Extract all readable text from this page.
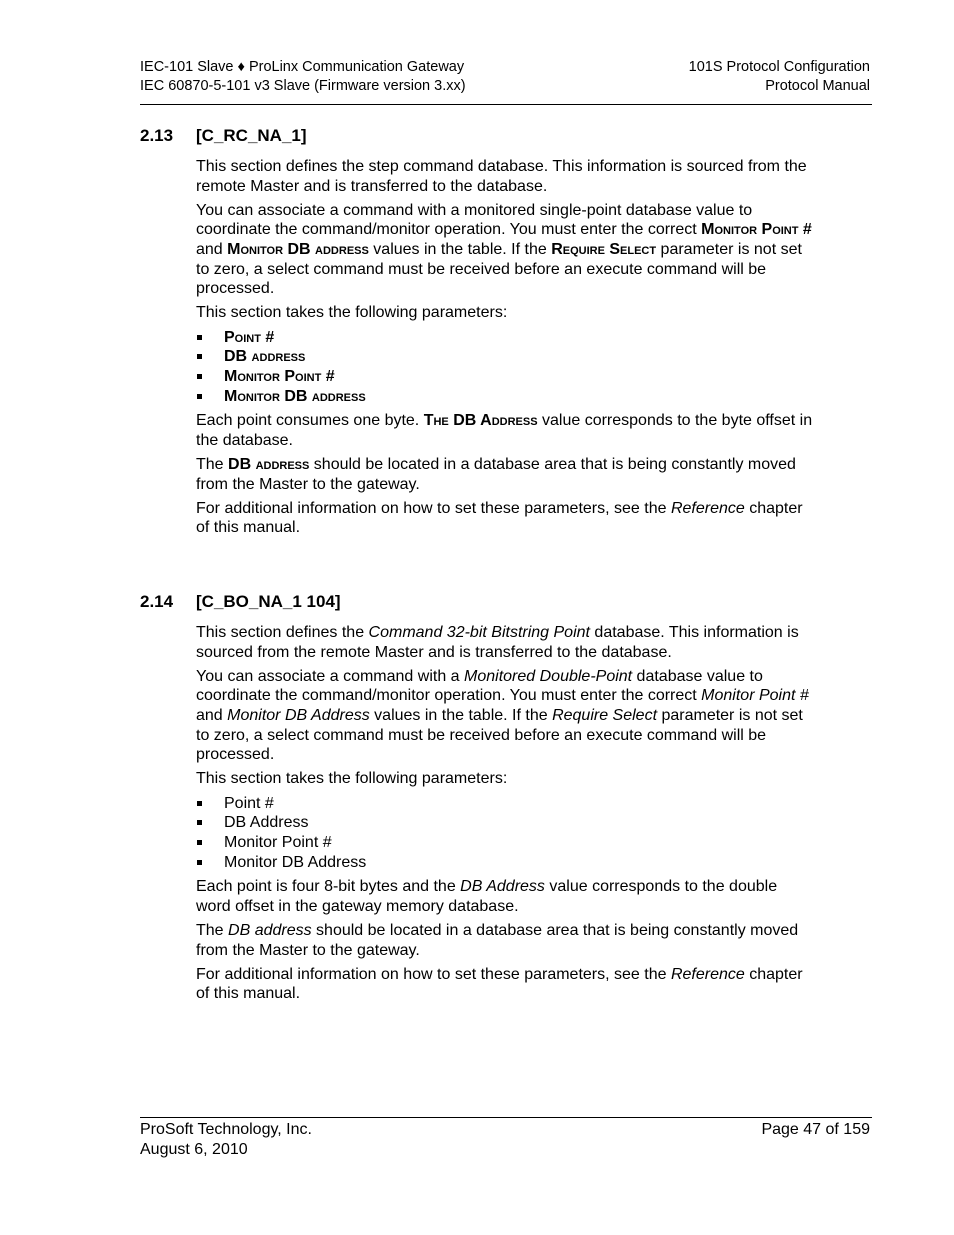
IEC-101 Slave ♦ ProLinx Communication Gateway
IEC 60870-5-101 v3 Slave (Firmware version 3.xx)
101S Protocol Configuration
Protocol Manual
2.13 [C_RC_NA_1]

This section defines the step command database. This information is sourced from the remote Master and is transferred to the database.

You can associate a command with a monitored single-point database value to coordinate the command/monitor operation. You must enter the correct Monitor Point # and Monitor DB address values in the table. If the Require Select parameter is not set to zero, a select command must be received before an execute command will be processed.

This section takes the following parameters:

Point #
DB address
Monitor Point #
Monitor DB address

Each point consumes one byte. The DB Address value corresponds to the byte offset in the database.

The DB address should be located in a database area that is being constantly moved from the Master to the gateway.

For additional information on how to set these parameters, see the Reference chapter of this manual.

2.14 [C_BO_NA_1 104]

This section defines the Command 32-bit Bitstring Point database. This information is sourced from the remote Master and is transferred to the database.

You can associate a command with a Monitored Double-Point database value to coordinate the command/monitor operation. You must enter the correct Monitor Point # and Monitor DB Address values in the table. If the Require Select parameter is not set to zero, a select command must be received before an execute command will be processed.

This section takes the following parameters:

Point #
DB Address
Monitor Point #
Monitor DB Address

Each point is four 8-bit bytes and the DB Address value corresponds to the double word offset in the gateway memory database.

The DB address should be located in a database area that is being constantly moved from the Master to the gateway.

For additional information on how to set these parameters, see the Reference chapter of this manual.

ProSoft Technology, Inc.
August 6, 2010
Page 47 of 159
